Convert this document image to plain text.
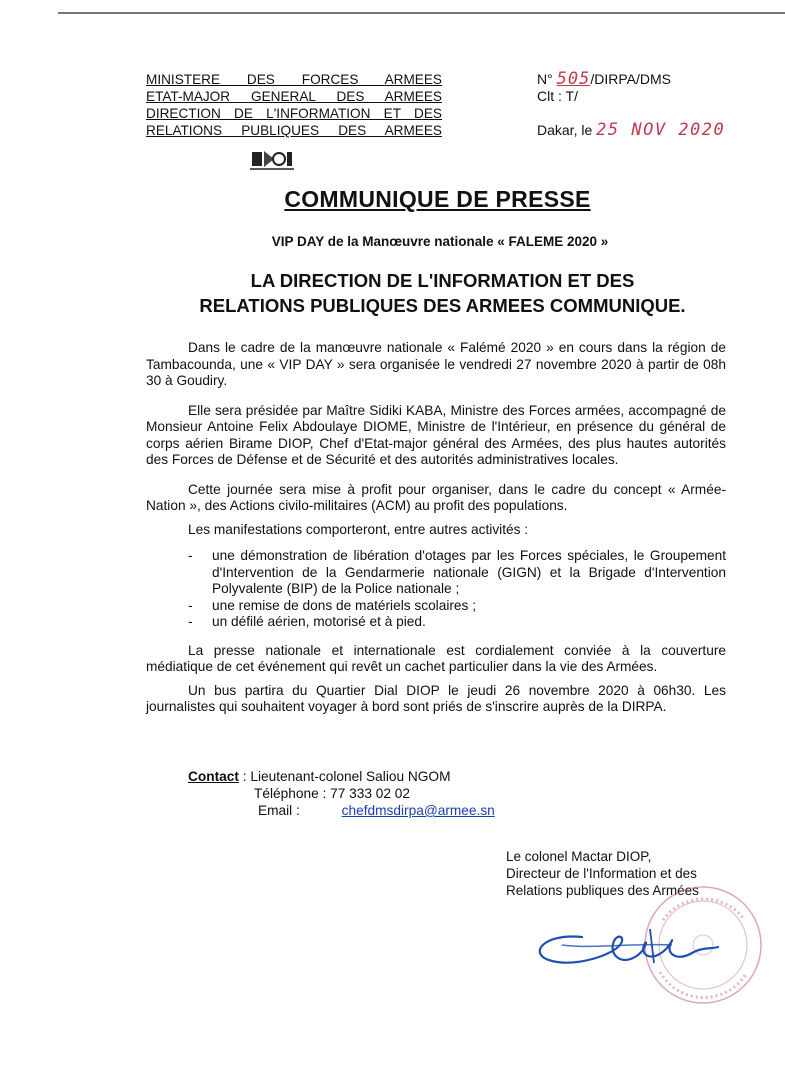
MINISTERE DES FORCES ARMEES
ETAT-MAJOR GENERAL DES ARMEES
DIRECTION DE L'INFORMATION ET DES
RELATIONS PUBLIQUES DES ARMEES
N° 505/DIRPA/DMS
Clt : T/
Dakar, le 25 NOV 2020
COMMUNIQUE DE PRESSE
VIP DAY de la Manœuvre nationale « FALEME 2020 »
LA DIRECTION DE L'INFORMATION ET DES
RELATIONS PUBLIQUES DES ARMEES COMMUNIQUE.

Dans le cadre de la manœuvre nationale « Falémé 2020 » en cours dans la région de Tambacounda, une « VIP DAY » sera organisée le vendredi 27 novembre 2020 à partir de 08h 30 à Goudiry.

Elle sera présidée par Maître Sidiki KABA, Ministre des Forces armées, accompagné de Monsieur Antoine Felix Abdoulaye DIOME, Ministre de l'Intérieur, en présence du général de corps aérien Birame DIOP, Chef d'Etat-major général des Armées, des plus hautes autorités des Forces de Défense et de Sécurité et des autorités administratives locales.

Cette journée sera mise à profit pour organiser, dans le cadre du concept « Armée-Nation », des Actions civilo-militaires (ACM) au profit des populations.

Les manifestations comporteront, entre autres activités :

- une démonstration de libération d'otages par les Forces spéciales, le Groupement d'Intervention de la Gendarmerie nationale (GIGN) et la Brigade d'Intervention Polyvalente (BIP) de la Police nationale ;
- une remise de dons de matériels scolaires ;
- un défilé aérien, motorisé et à pied.

La presse nationale et internationale est cordialement conviée à la couverture médiatique de cet événement qui revêt un cachet particulier dans la vie des Armées.

Un bus partira du Quartier Dial DIOP le jeudi 26 novembre 2020 à 06h30. Les journalistes qui souhaitent voyager à bord sont priés de s'inscrire auprès de la DIRPA.

Contact : Lieutenant-colonel Saliou NGOM
Téléphone : 77 333 02 02
Email :	chefdmsdirpa@armee.sn
Le colonel Mactar DIOP,
Directeur de l'Information et des
Relations publiques des Armées
